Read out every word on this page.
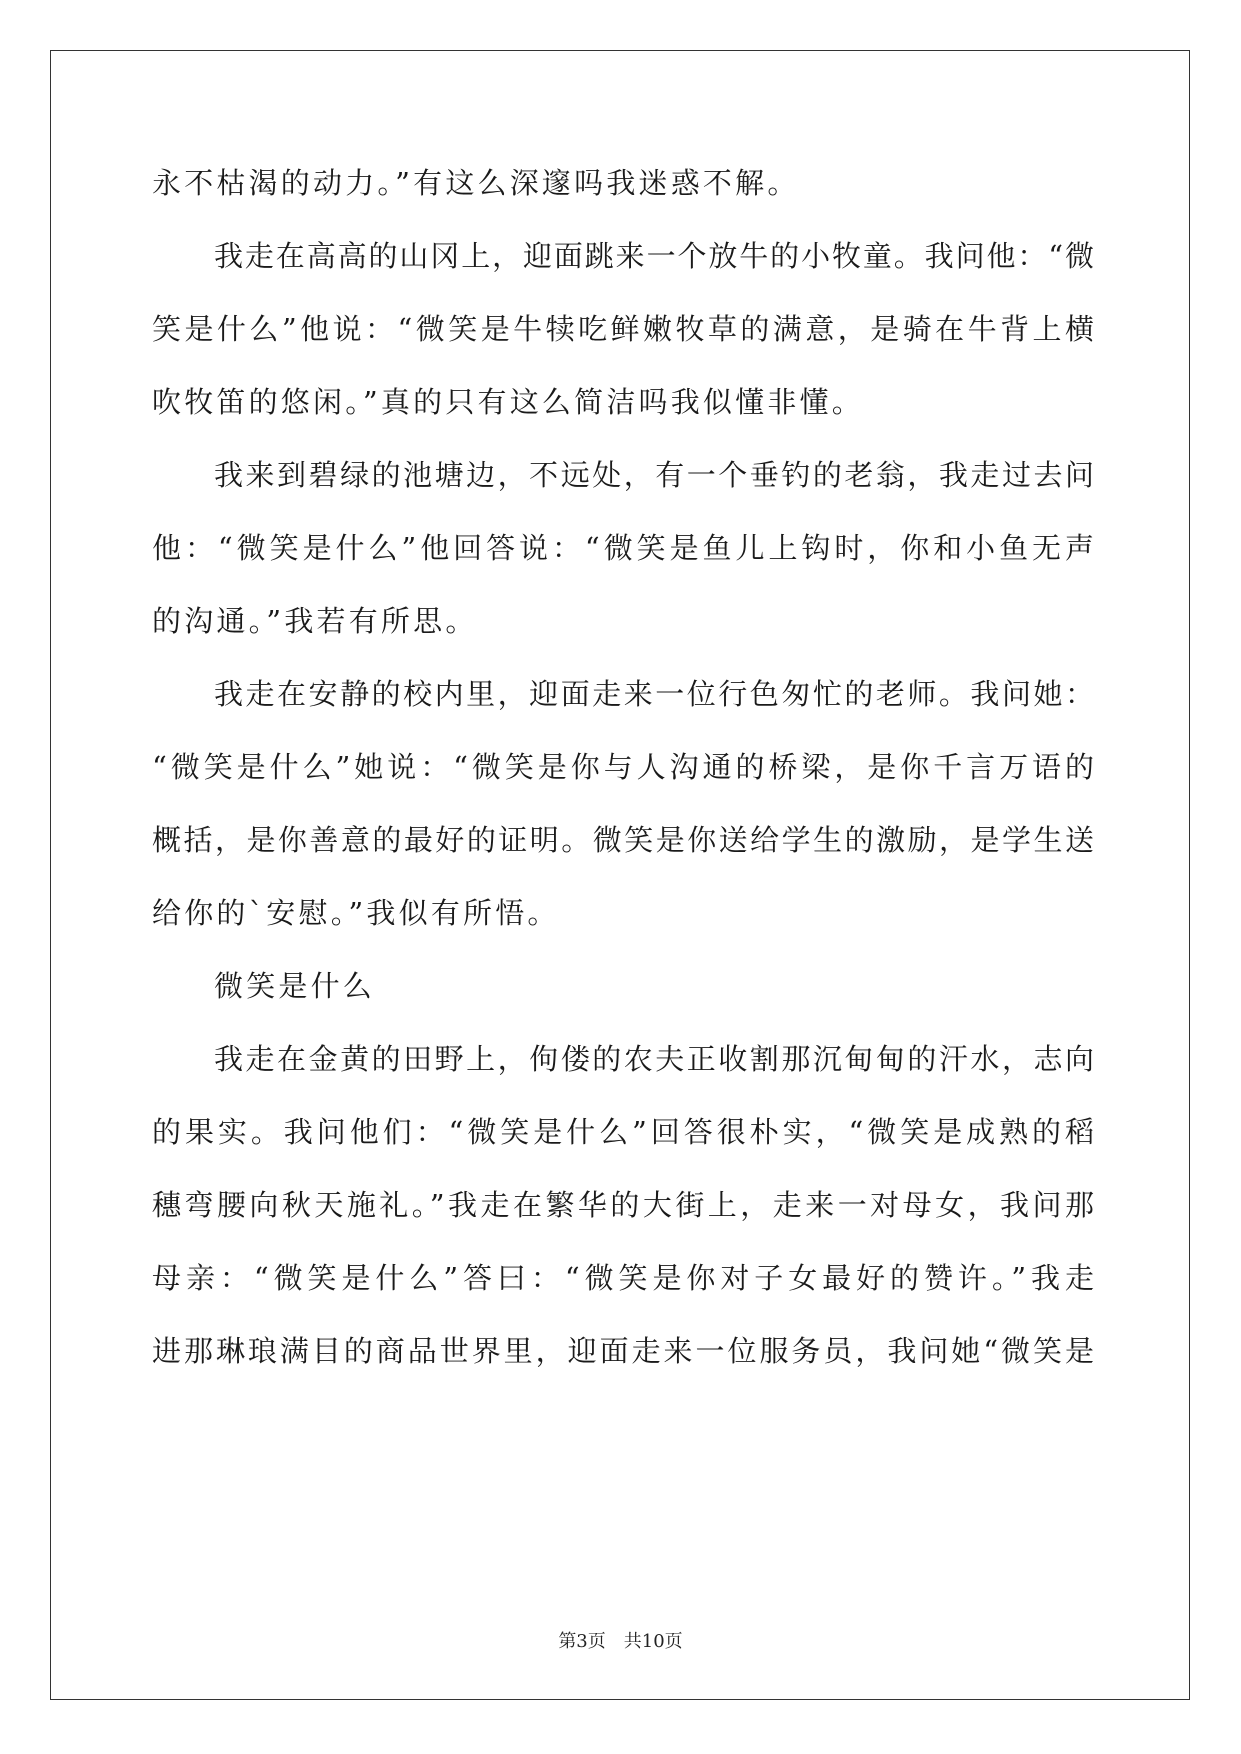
永不枯渴的动力。”有这么深邃吗我迷惑不解。
我走在高高的山冈上，迎面跳来一个放牛的小牧童。我问他：“微
笑是什么”他说：“微笑是牛犊吃鲜嫩牧草的满意，是骑在牛背上横
吹牧笛的悠闲。”真的只有这么简洁吗我似懂非懂。
我来到碧绿的池塘边，不远处，有一个垂钓的老翁，我走过去问
他：“微笑是什么”他回答说：“微笑是鱼儿上钩时，你和小鱼无声
的沟通。”我若有所思。
我走在安静的校内里，迎面走来一位行色匆忙的老师。我问她：
“微笑是什么”她说：“微笑是你与人沟通的桥梁，是你千言万语的
概括，是你善意的最好的证明。微笑是你送给学生的激励，是学生送
给你的`安慰。”我似有所悟。
微笑是什么
我走在金黄的田野上，佝偻的农夫正收割那沉甸甸的汗水，志向
的果实。我问他们：“微笑是什么”回答很朴实，“微笑是成熟的稻
穗弯腰向秋天施礼。”我走在繁华的大街上，走来一对母女，我问那
母亲：“微笑是什么”答曰：“微笑是你对子女最好的赞许。”我走
进那琳琅满目的商品世界里，迎面走来一位服务员，我问她“微笑是
第3页 共10页
